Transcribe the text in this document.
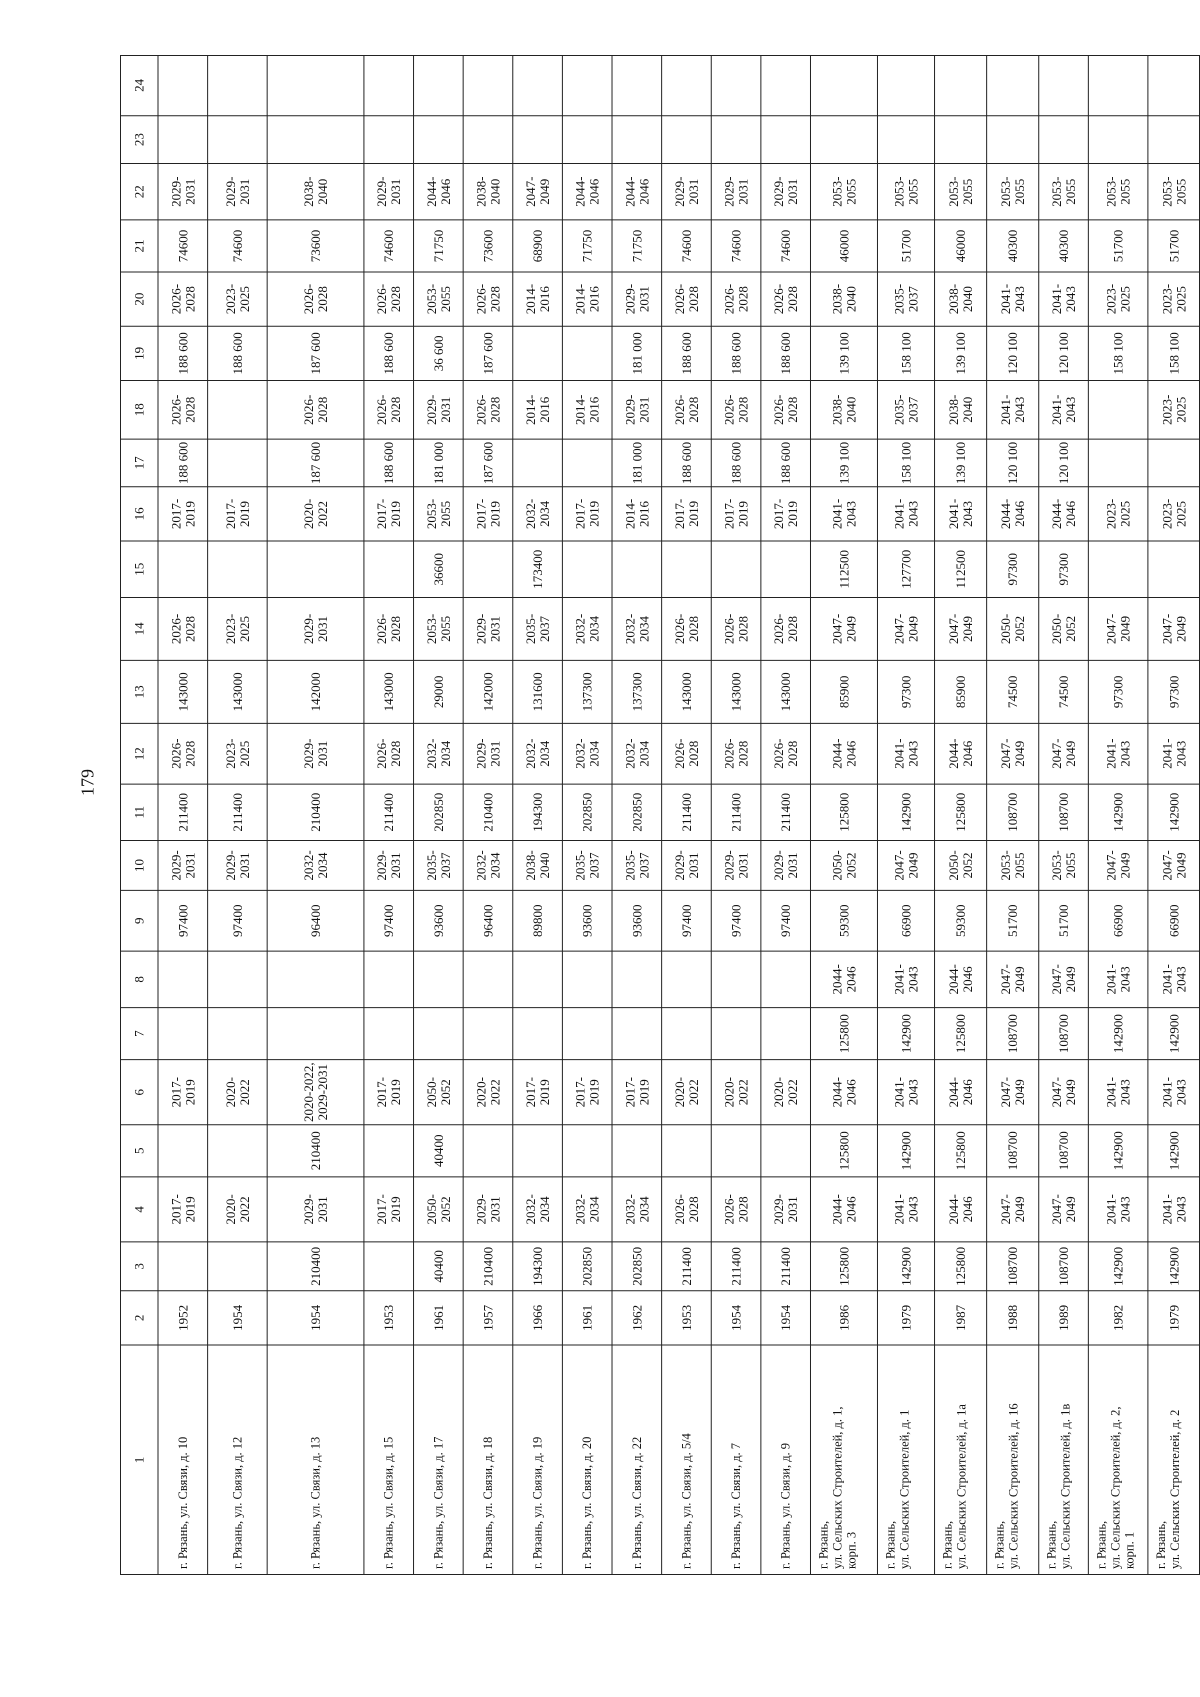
179
1
2
3
4
5
6
7
8
9
10
11
12
13
14
15
16
17
18
19
20
21
22
23
24
г. Рязань, ул. Связи, д. 10
1952
2017- 2019
2017- 2019
97400
2029- 2031
211400
2026- 2028
143000
2026- 2028
2017- 2019
188 600
2026- 2028
188 600
2026- 2028
74600
2029- 2031
г. Рязань, ул. Связи, д. 12
1954
2020- 2022
2020- 2022
97400
2029- 2031
211400
2023- 2025
143000
2023- 2025
2017- 2019
188 600
2023- 2025
74600
2029- 2031
г. Рязань, ул. Связи, д. 13
1954
210400
2029- 2031
210400
2020-2022, 2029-2031
96400
2032- 2034
210400
2029- 2031
142000
2029- 2031
2020- 2022
187 600
2026- 2028
187 600
2026- 2028
73600
2038- 2040
г. Рязань, ул. Связи, д. 15
1953
2017- 2019
2017- 2019
97400
2029- 2031
211400
2026- 2028
143000
2026- 2028
2017- 2019
188 600
2026- 2028
188 600
2026- 2028
74600
2029- 2031
г. Рязань, ул. Связи, д. 17
1961
40400
2050- 2052
40400
2050- 2052
93600
2035- 2037
202850
2032- 2034
29000
2053- 2055
36600
2053- 2055
181 000
2029- 2031
36 600
2053- 2055
71750
2044- 2046
г. Рязань, ул. Связи, д. 18
1957
210400
2029- 2031
2020- 2022
96400
2032- 2034
210400
2029- 2031
142000
2029- 2031
2017- 2019
187 600
2026- 2028
187 600
2026- 2028
73600
2038- 2040
г. Рязань, ул. Связи, д. 19
1966
194300
2032- 2034
2017- 2019
89800
2038- 2040
194300
2032- 2034
131600
2035- 2037
173400
2032- 2034
2014- 2016
2014- 2016
68900
2047- 2049
г. Рязань, ул. Связи, д. 20
1961
202850
2032- 2034
2017- 2019
93600
2035- 2037
202850
2032- 2034
137300
2032- 2034
2017- 2019
2014- 2016
2014- 2016
71750
2044- 2046
г. Рязань, ул. Связи, д. 22
1962
202850
2032-
2034
2017-
2019
93600
2035-
2037
202850
2032-
2034
137300
2032-
2034
2014-
2016
181 000
2029-
2031
181 000
2029-
2031
71750
2044-
2046
г. Рязань, ул. Связи, д. 5/4
1953
211400
2026- 2028
2020- 2022
97400
2029- 2031
211400
2026- 2028
143000
2026- 2028
2017- 2019
188 600
2026- 2028
188 600
2026- 2028
74600
2029- 2031
г. Рязань, ул. Связи, д. 7
1954
211400
2026- 2028
2020- 2022
97400
2029- 2031
211400
2026- 2028
143000
2026- 2028
2017- 2019
188 600
2026- 2028
188 600
2026- 2028
74600
2029- 2031
г. Рязань, ул. Связи, д. 9
1954
211400
2029- 2031
2020- 2022
97400
2029- 2031
211400
2026- 2028
143000
2026- 2028
2017- 2019
188 600
2026- 2028
188 600
2026- 2028
74600
2029- 2031
г. Рязань, ул. Сельских Строителей, д. 1, корп. 3
1986
125800
2044- 2046
125800
2044- 2046
125800
2044- 2046
59300
2050- 2052
125800
2044- 2046
85900
2047- 2049
112500
2041- 2043
139 100
2038- 2040
139 100
2038- 2040
46000
2053- 2055
г. Рязань, ул. Сельских Строителей, д. 1
1979
142900
2041- 2043
142900
2041- 2043
142900
2041- 2043
66900
2047- 2049
142900
2041- 2043
97300
2047- 2049
127700
2041- 2043
158 100
2035- 2037
158 100
2035- 2037
51700
2053- 2055
г. Рязань, ул. Сельских Строителей, д. 1а
1987
125800
2044- 2046
125800
2044- 2046
125800
2044- 2046
59300
2050- 2052
125800
2044- 2046
85900
2047- 2049
112500
2041- 2043
139 100
2038- 2040
139 100
2038- 2040
46000
2053- 2055
г. Рязань, ул. Сельских Строителей, д. 16
1988
108700
2047- 2049
108700
2047- 2049
108700
2047- 2049
51700
2053- 2055
108700
2047- 2049
74500
2050- 2052
97300
2044- 2046
120 100
2041- 2043
120 100
2041- 2043
40300
2053- 2055
г. Рязань, ул. Сельских Строителей, д. 1в
1989
108700
2047- 2049
108700
2047- 2049
108700
2047- 2049
51700
2053- 2055
108700
2047- 2049
74500
2050- 2052
97300
2044- 2046
120 100
2041- 2043
120 100
2041- 2043
40300
2053- 2055
г. Рязань, ул. Сельских Строителей, д. 2, корп. 1
1982
142900
2041- 2043
142900
2041- 2043
142900
2041- 2043
66900
2047- 2049
142900
2041- 2043
97300
2047- 2049
2023- 2025
158 100
2023- 2025
51700
2053- 2055
г. Рязань, ул. Сельских Строителей, д. 2
1979
142900
2041- 2043
142900
2041- 2043
142900
2041- 2043
66900
2047- 2049
142900
2041- 2043
97300
2047- 2049
2023- 2025
2023- 2025
158 100
2023- 2025
51700
2053- 2055
